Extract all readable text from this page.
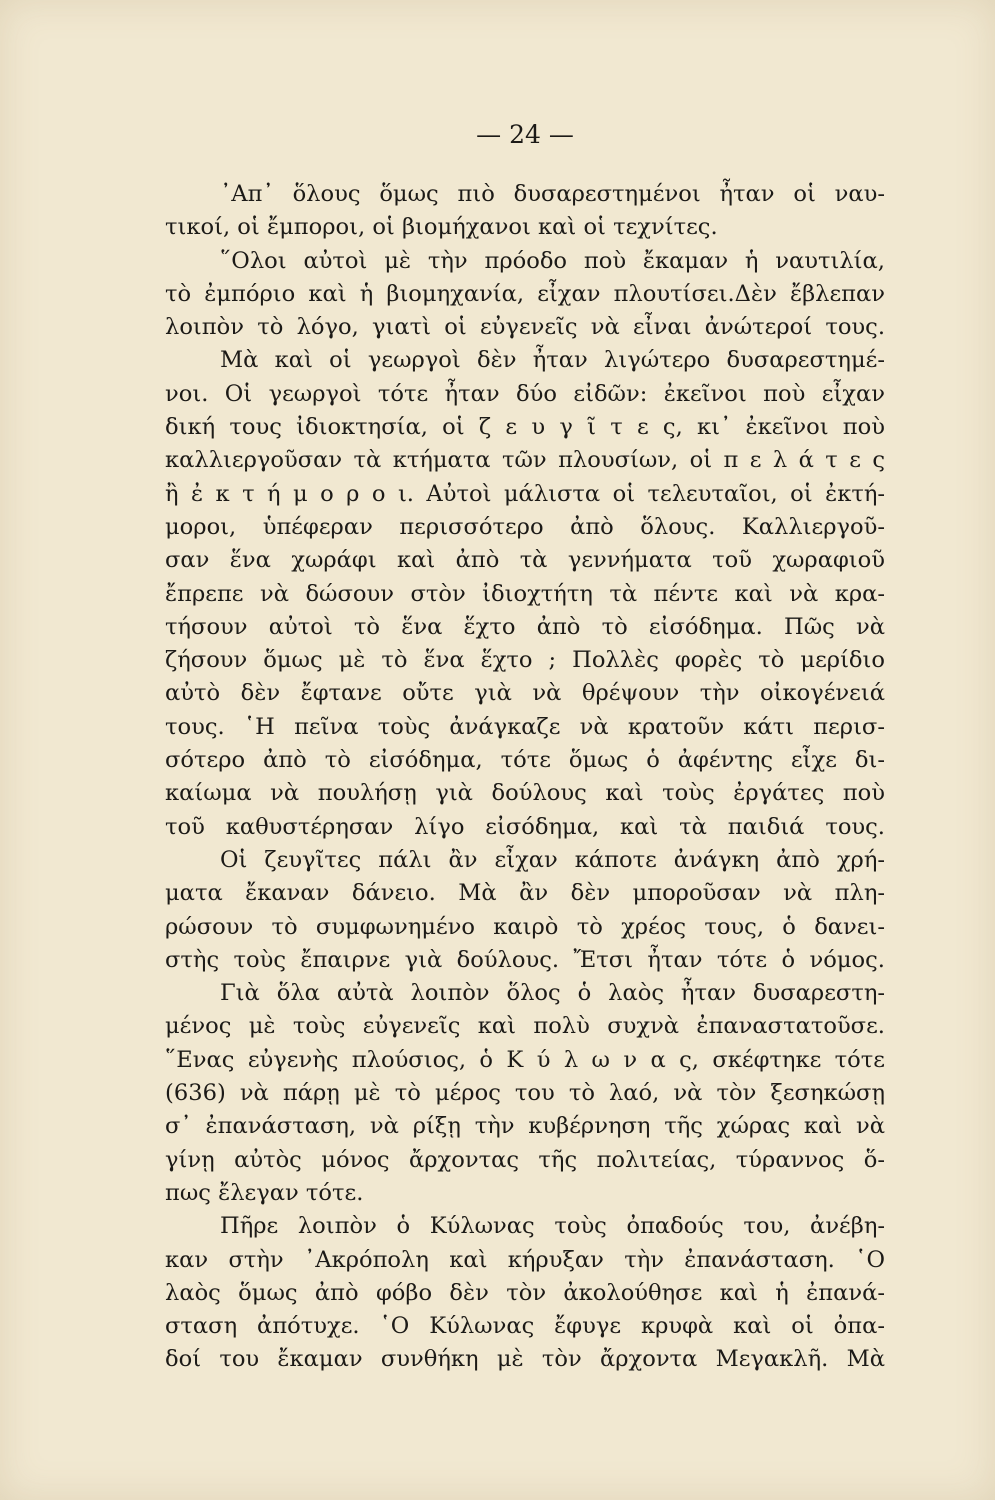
— 24 —
᾿Απ᾿ ὅλους ὅμως πιὸ δυσαρεστημένοι ἦταν οἱ ναυ-
τικοί, οἱ ἔμποροι, οἱ βιομήχανοι καὶ οἱ τεχνίτες.
῞Ολοι αὐτοὶ μὲ τὴν πρόοδο ποὺ ἔκαμαν ἡ ναυτιλία,
τὸ ἐμπόριο καὶ ἡ βιομηχανία, εἶχαν πλουτίσει.Δὲν ἔβλεπαν
λοιπὸν τὸ λόγο, γιατὶ οἱ εὐγενεῖς νὰ εἶναι ἀνώτεροί τους.
Μὰ καὶ οἱ γεωργοὶ δὲν ἦταν λιγώτερο δυσαρεστημέ-
νοι. Οἱ γεωργοὶ τότε ἦταν δύο εἰδῶν: ἐκεῖνοι ποὺ εἶχαν
δική τους ἰδιοκτησία, οἱ ζ ε υ γ ῖ τ ε ς, κι᾿ ἐκεῖνοι ποὺ
καλλιεργοῦσαν τὰ κτήματα τῶν πλουσίων, οἱ π ε λ ά τ ε ς
ἢ ἐ κ τ ή μ ο ρ ο ι. Αὐτοὶ μάλιστα οἱ τελευταῖοι, οἱ ἐκτή-
μοροι, ὑπέφεραν περισσότερο ἀπὸ ὅλους. Καλλιεργοῦ-
σαν ἕνα χωράφι καὶ ἀπὸ τὰ γεννήματα τοῦ χωραφιοῦ
ἔπρεπε νὰ δώσουν στὸν ἰδιοχτήτη τὰ πέντε καὶ νὰ κρα-
τήσουν αὐτοὶ τὸ ἕνα ἕχτο ἀπὸ τὸ εἰσόδημα. Πῶς νὰ
ζήσουν ὅμως μὲ τὸ ἕνα ἕχτο ; Πολλὲς φορὲς τὸ μερίδιο
αὐτὸ δὲν ἔφτανε οὔτε γιὰ νὰ θρέψουν τὴν οἰκογένειά
τους. ῾Η πεῖνα τοὺς ἀνάγκαζε νὰ κρατοῦν κάτι περισ-
σότερο ἀπὸ τὸ εἰσόδημα, τότε ὅμως ὁ ἀφέντης εἶχε δι-
καίωμα νὰ πουλήσῃ γιὰ δούλους καὶ τοὺς ἐργάτες ποὺ
τοῦ καθυστέρησαν λίγο εἰσόδημα, καὶ τὰ παιδιά τους.
Οἱ ζευγῖτες πάλι ἂν εἶχαν κάποτε ἀνάγκη ἀπὸ χρή-
ματα ἔκαναν δάνειο. Μὰ ἂν δὲν μποροῦσαν νὰ πλη-
ρώσουν τὸ συμφωνημένο καιρὸ τὸ χρέος τους, ὁ δανει-
στὴς τοὺς ἔπαιρνε γιὰ δούλους. Ἔτσι ἦταν τότε ὁ νόμος.
Γιὰ ὅλα αὐτὰ λοιπὸν ὅλος ὁ λαὸς ἦταν δυσαρεστη-
μένος μὲ τοὺς εὐγενεῖς καὶ πολὺ συχνὰ ἐπαναστατοῦσε.
῞Ενας εὐγενὴς πλούσιος, ὁ Κ ύ λ ω ν α ς, σκέφτηκε τότε
(636) νὰ πάρῃ μὲ τὸ μέρος του τὸ λαό, νὰ τὸν ξεσηκώσῃ
σ᾿ ἐπανάσταση, νὰ ρίξῃ τὴν κυβέρνηση τῆς χώρας καὶ νὰ
γίνῃ αὐτὸς μόνος ἄρχοντας τῆς πολιτείας, τύραννος ὅ-
πως ἔλεγαν τότε.
Πῆρε λοιπὸν ὁ Κύλωνας τοὺς ὀπαδούς του, ἀνέβη-
καν στὴν ᾿Ακρόπολη καὶ κήρυξαν τὴν ἐπανάσταση. ῾Ο
λαὸς ὅμως ἀπὸ φόβο δὲν τὸν ἀκολούθησε καὶ ἡ ἐπανά-
σταση ἀπότυχε. ῾Ο Κύλωνας ἔφυγε κρυφὰ καὶ οἱ ὀπα-
δοί του ἔκαμαν συνθήκη μὲ τὸν ἄρχοντα Μεγακλῆ. Μὰ
